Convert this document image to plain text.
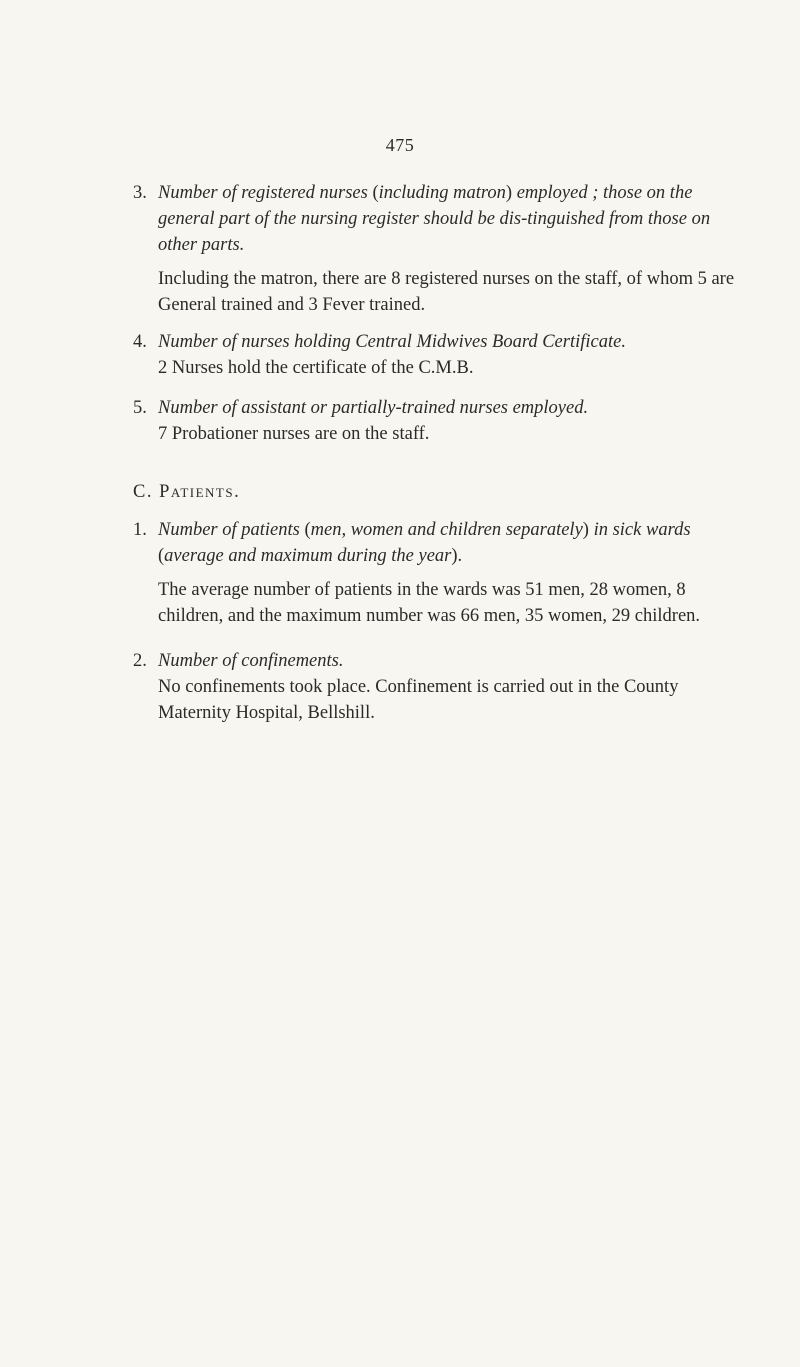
475
3. Number of registered nurses (including matron) employed ; those on the general part of the nursing register should be dis-tinguished from those on other parts.
Including the matron, there are 8 registered nurses on the staff, of whom 5 are General trained and 3 Fever trained.
4. Number of nurses holding Central Midwives Board Certificate.
2 Nurses hold the certificate of the C.M.B.
5. Number of assistant or partially-trained nurses employed.
7 Probationer nurses are on the staff.
C. Patients.
1. Number of patients (men, women and children separately) in sick wards (average and maximum during the year).
The average number of patients in the wards was 51 men, 28 women, 8 children, and the maximum number was 66 men, 35 women, 29 children.
2. Number of confinements.
No confinements took place. Confinement is carried out in the County Maternity Hospital, Bellshill.
